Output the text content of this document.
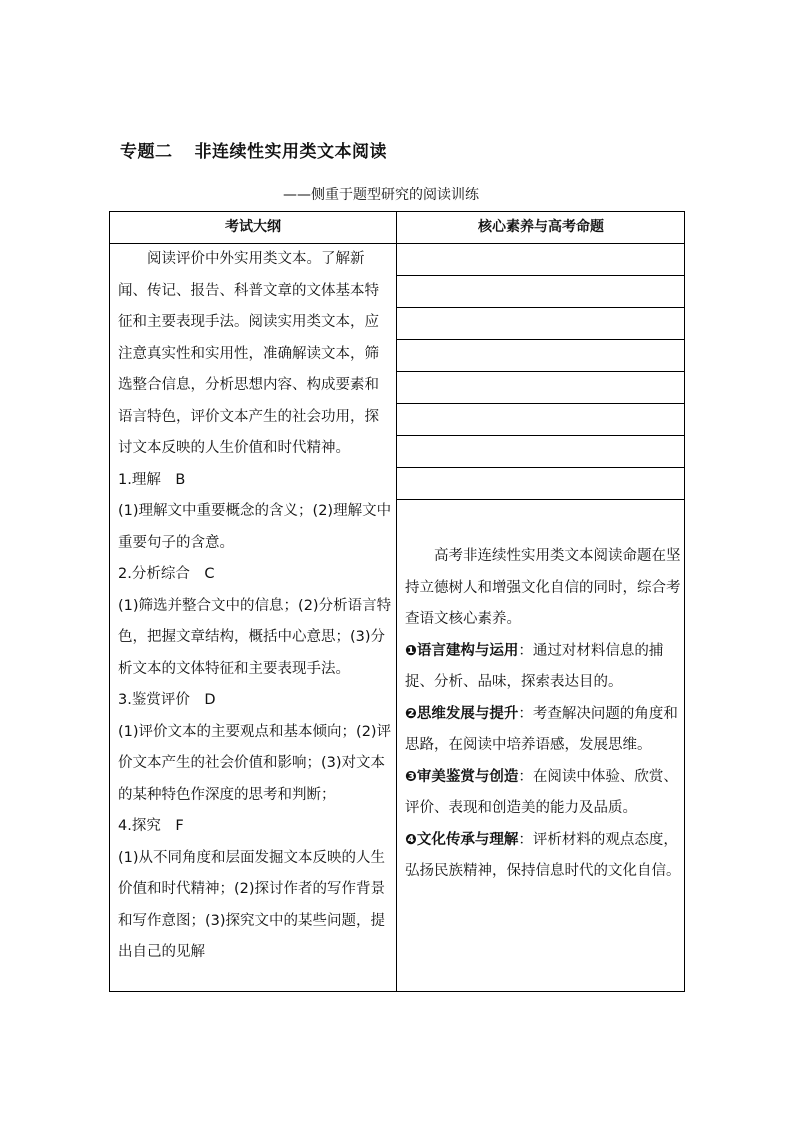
专题二 非连续性实用类文本阅读
——侧重于题型研究的阅读训练
考试大纲	核心素养与高考命题

阅读评价中外实用类文本。了解新闻、传记、报告、科普文章的文体基本特征和主要表现手法。阅读实用类文本，应注意真实性和实用性，准确解读文本，筛选整合信息，分析思想内容、构成要素和语言特色，评价文本产生的社会功用，探讨文本反映的人生价值和时代精神。

1.理解　B

(1)理解文中重要概念的含义；(2)理解文中重要句子的含意。

2.分析综合　C

(1)筛选并整合文中的信息；(2)分析语言特色，把握文章结构，概括中心意思；(3)分析文本的文体特征和主要表现手法。

3.鉴赏评价　D

(1)评价文本的主要观点和基本倾向；(2)评价文本产生的社会价值和影响；(3)对文本的某种特色作深度的思考和判断；

4.探究　F

(1)从不同角度和层面发掘文本反映的人生价值和时代精神；(2)探讨作者的写作背景和写作意图；(3)探究文中的某些问题，提出自己的见解

高考非连续性实用类文本阅读命题在坚持立德树人和增强文化自信的同时，综合考查语文核心素养。

❶语言建构与运用：通过对材料信息的捕捉、分析、品味，探索表达目的。

❷思维发展与提升：考查解决问题的角度和思路，在阅读中培养语感，发展思维。

❸审美鉴赏与创造：在阅读中体验、欣赏、评价、表现和创造美的能力及品质。

❹文化传承与理解：评析材料的观点态度，弘扬民族精神，保持信息时代的文化自信。
